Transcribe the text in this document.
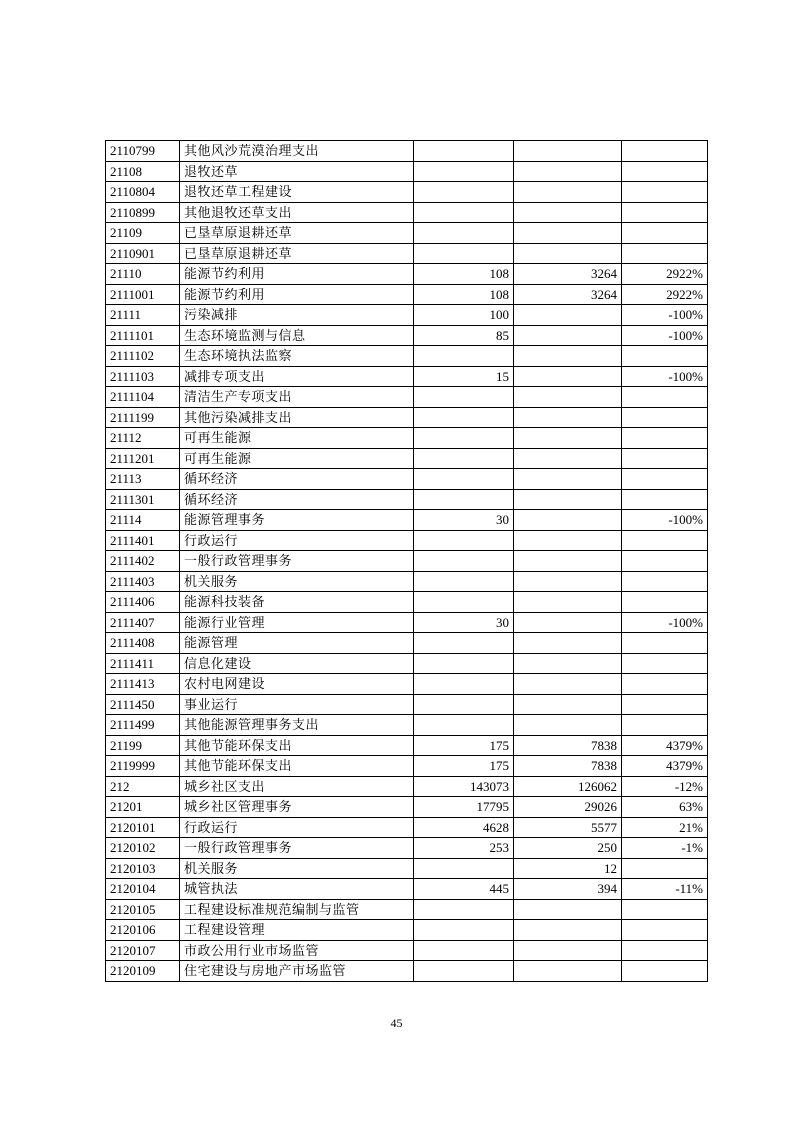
2110799	其他风沙荒漠治理支出			
21108	退牧还草			
2110804	退牧还草工程建设			
2110899	其他退牧还草支出			
21109	已垦草原退耕还草			
2110901	已垦草原退耕还草			
21110	能源节约利用	108	3264	2922%
2111001	能源节约利用	108	3264	2922%
21111	污染减排	100		-100%
2111101	生态环境监测与信息	85		-100%
2111102	生态环境执法监察			
2111103	减排专项支出	15		-100%
2111104	清洁生产专项支出			
2111199	其他污染减排支出			
21112	可再生能源			
2111201	可再生能源			
21113	循环经济			
2111301	循环经济			
21114	能源管理事务	30		-100%
2111401	行政运行			
2111402	一般行政管理事务			
2111403	机关服务			
2111406	能源科技装备			
2111407	能源行业管理	30		-100%
2111408	能源管理			
2111411	信息化建设			
2111413	农村电网建设			
2111450	事业运行			
2111499	其他能源管理事务支出			
21199	其他节能环保支出	175	7838	4379%
2119999	其他节能环保支出	175	7838	4379%
212	城乡社区支出	143073	126062	-12%
21201	城乡社区管理事务	17795	29026	63%
2120101	行政运行	4628	5577	21%
2120102	一般行政管理事务	253	250	-1%
2120103	机关服务		12	
2120104	城管执法	445	394	-11%
2120105	工程建设标准规范编制与监管			
2120106	工程建设管理			
2120107	市政公用行业市场监管			
2120109	住宅建设与房地产市场监管			
45
